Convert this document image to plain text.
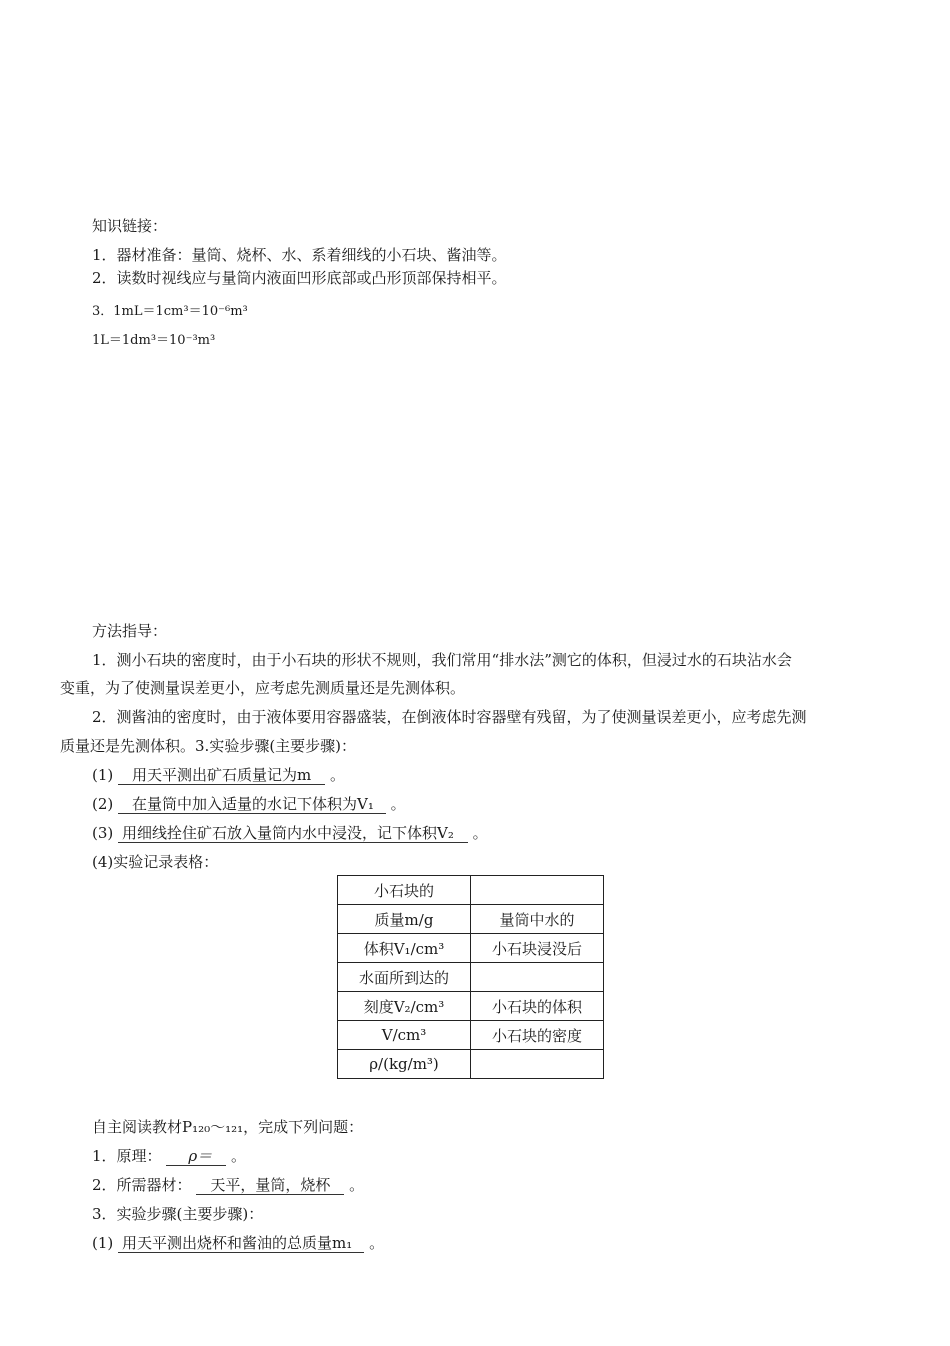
知识链接：
1．器材准备：量筒、烧杯、水、系着细线的小石块、酱油等。
2．读数时视线应与量筒内液面凹形底部或凸形顶部保持相平。
3．1mL＝1cm³＝10⁻⁶m³
1L＝1dm³＝10⁻³m³
方法指导：
1．测小石块的密度时，由于小石块的形状不规则，我们常用“排水法”测它的体积，但浸过水的石块沾水会
变重，为了使测量误差更小，应考虑先测质量还是先测体积。
2．测酱油的密度时，由于液体要用容器盛装，在倒液体时容器壁有残留，为了使测量误差更小，应考虑先测
质量还是先测体积。3.实验步骤(主要步骤)：
(1) 用天平测出矿石质量记为m 。
(2) 在量筒中加入适量的水记下体积为V₁ 。
(3) 用细线拴住矿石放入量筒内水中浸没，记下体积V₂ 。
(4)实验记录表格：
小石块的	
质量m/g	量筒中水的
体积V₁/cm³	小石块浸没后
水面所到达的	
刻度V₂/cm³	小石块的体积
V/cm³	小石块的密度
ρ/(kg/m³)	
自主阅读教材P₁₂₀～₁₂₁，完成下列问题：
1．原理： ρ＝ 。
2．所需器材： 天平，量筒，烧杯 。
3．实验步骤(主要步骤)：
(1) 用天平测出烧杯和酱油的总质量m₁ 。
